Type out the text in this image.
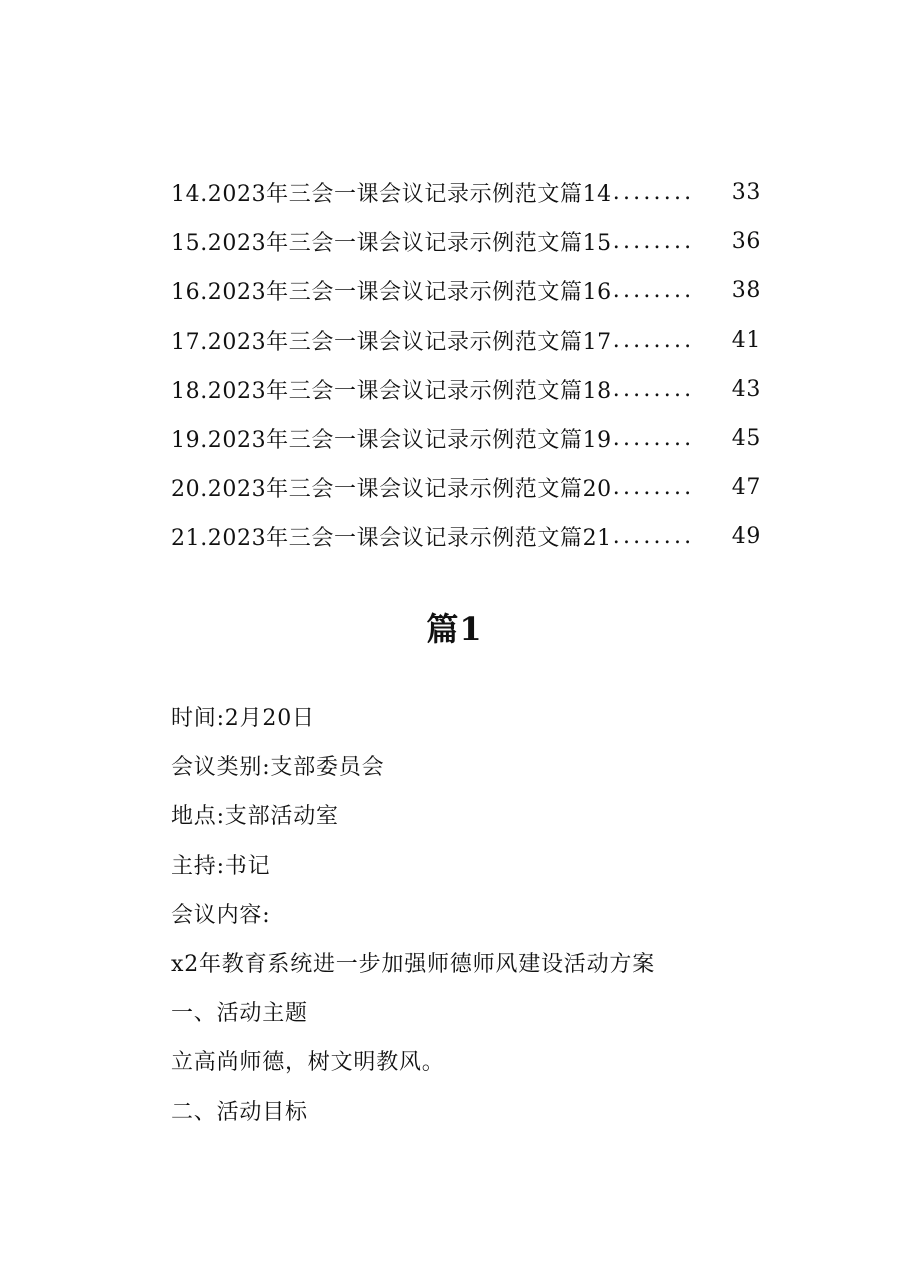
14.2023年三会一课会议记录示例范文篇14 ........	33
15.2023年三会一课会议记录示例范文篇15 ........	36
16.2023年三会一课会议记录示例范文篇16 ........	38
17.2023年三会一课会议记录示例范文篇17 ........	41
18.2023年三会一课会议记录示例范文篇18 ........	43
19.2023年三会一课会议记录示例范文篇19 ........	45
20.2023年三会一课会议记录示例范文篇20 ........	47
21.2023年三会一课会议记录示例范文篇21 ........	49
篇1
时间:2月20日
会议类别:支部委员会
地点:支部活动室
主持:书记
会议内容:
x2年教育系统进一步加强师德师风建设活动方案
一、活动主题
立高尚师德，树文明教风。
二、活动目标
